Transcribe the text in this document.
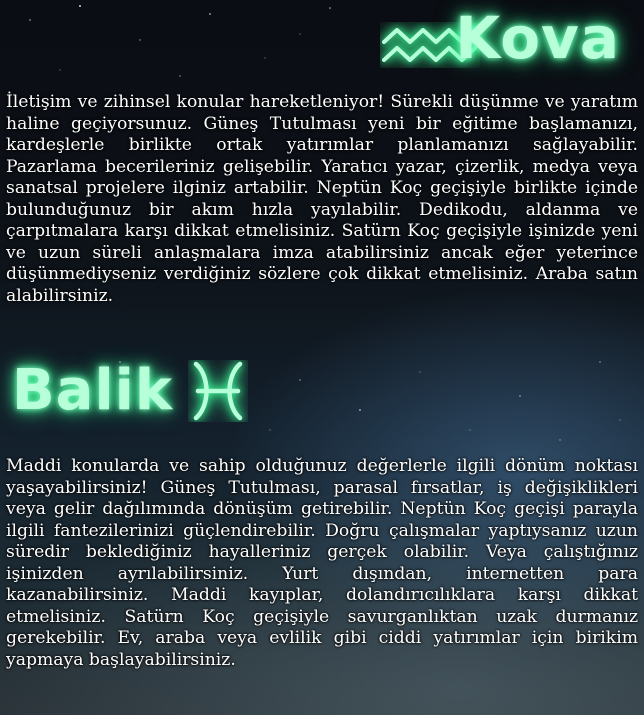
Kova

İletişim ve zihinsel konular hareketleniyor! Sürekli düşünme ve yaratım haline geçiyorsunuz. Güneş Tutulması yeni bir eğitime başlamanızı, kardeşlerle birlikte ortak yatırımlar planlamanızı sağlayabilir. Pazarlama becerileriniz gelişebilir. Yaratıcı yazar, çizerlik, medya veya sanatsal projelere ilginiz artabilir. Neptün Koç geçişiyle birlikte içinde bulunduğunuz bir akım hızla yayılabilir. Dedikodu, aldanma ve çarpıtmalara karşı dikkat etmelisiniz. Satürn Koç geçişiyle işinizde yeni ve uzun süreli anlaşmalara imza atabilirsiniz ancak eğer yeterince düşünmediyseniz verdiğiniz sözlere çok dikkat etmelisiniz. Araba satın alabilirsiniz.

Balik

Maddi konularda ve sahip olduğunuz değerlerle ilgili dönüm noktası yaşayabilirsiniz! Güneş Tutulması, parasal fırsatlar, iş değişiklikleri veya gelir dağılımında dönüşüm getirebilir. Neptün Koç geçişi parayla ilgili fantezilerinizi güçlendirebilir. Doğru çalışmalar yaptıysanız uzun süredir beklediğiniz hayalleriniz gerçek olabilir. Veya çalıştığınız işinizden ayrılabilirsiniz. Yurt dışından, internetten para kazanabilirsiniz. Maddi kayıplar, dolandırıcılıklara karşı dikkat etmelisiniz. Satürn Koç geçişiyle savurganlıktan uzak durmanız gerekebilir. Ev, araba veya evlilik gibi ciddi yatırımlar için birikim yapmaya başlayabilirsiniz.
